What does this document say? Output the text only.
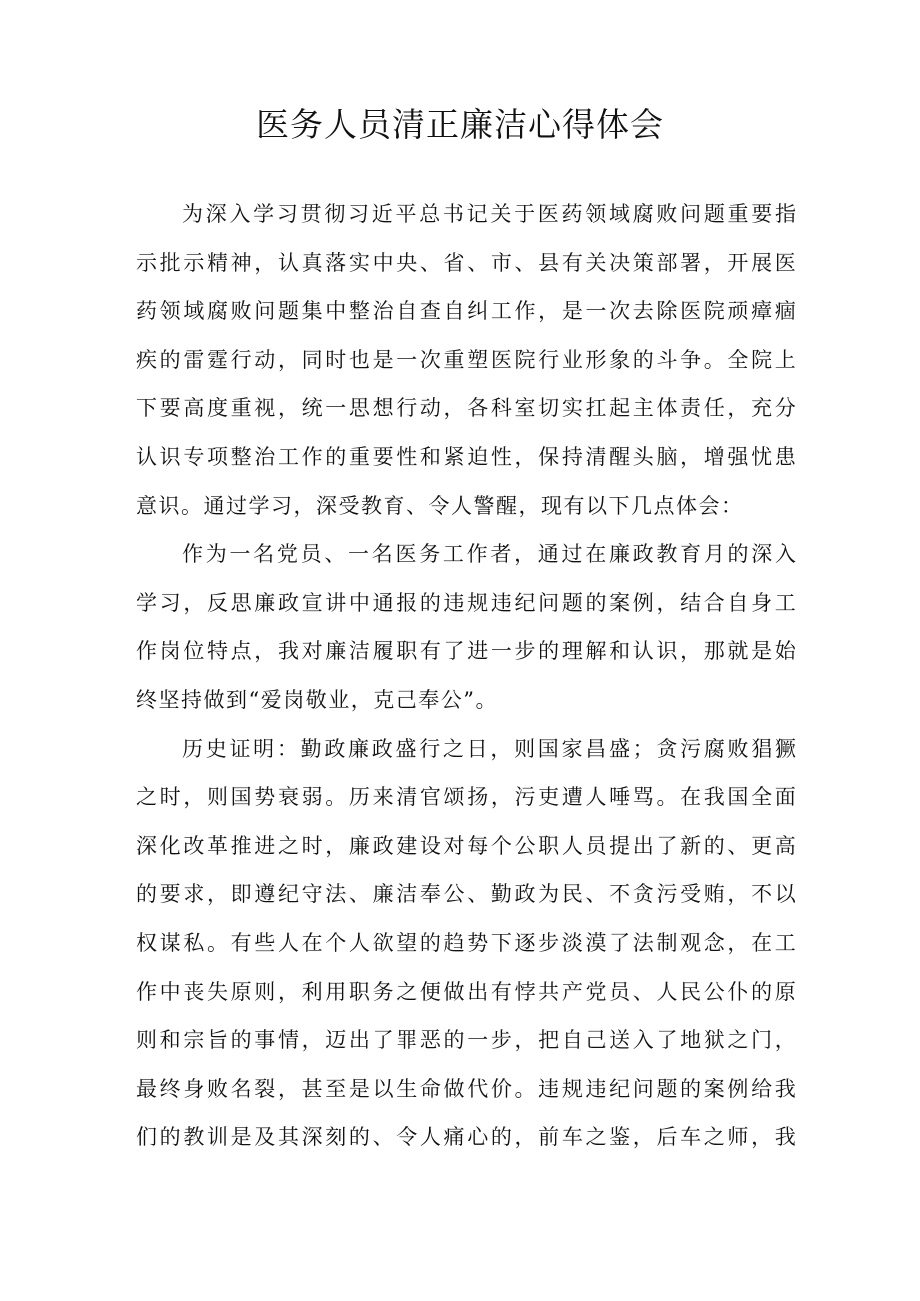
医务人员清正廉洁心得体会
为 深 入 学 习 贯 彻 习 近 平 总 书 记 关 于 医 药 领 域 腐 败 问 题 重 要 指
示 批 示 精 神 ， 认 真 落 实 中 央 、 省 、 市 、 县 有 关 决 策 部 署 ， 开 展 医
药 领 域 腐 败 问 题 集 中 整 治 自 查 自 纠 工 作 ， 是 一 次 去 除 医 院 顽 瘴 痼
疾 的 雷 霆 行 动 ， 同 时 也 是 一 次 重 塑 医 院 行 业 形 象 的 斗 争 。 全 院 上
下 要 高 度 重 视 ， 统 一 思 想 行 动 ， 各 科 室 切 实 扛 起 主 体 责 任 ， 充 分
认 识 专 项 整 治 工 作 的 重 要 性 和 紧 迫 性 ， 保 持 清 醒 头 脑 ， 增 强 忧 患
意识。通过学习，深受教育、令人警醒，现有以下几点体会：
作 为 一 名 党 员 、 一 名 医 务 工 作 者 ， 通 过 在 廉 政 教 育 月 的 深 入
学 习 ， 反 思 廉 政 宣 讲 中 通 报 的 违 规 违 纪 问 题 的 案 例 ， 结 合 自 身 工
作 岗 位 特 点 ， 我 对 廉 洁 履 职 有 了 进 一 步 的 理 解 和 认 识 ， 那 就 是 始
终坚持做到“爱岗敬业，克己奉公”。
历 史 证 明 ： 勤 政 廉 政 盛 行 之 日 ， 则 国 家 昌 盛 ； 贪 污 腐 败 猖 獗
之 时 ， 则 国 势 衰 弱 。 历 来 清 官 颂 扬 ， 污 吏 遭 人 唾 骂 。 在 我 国 全 面
深 化 改 革 推 进 之 时 ， 廉 政 建 设 对 每 个 公 职 人 员 提 出 了 新 的 、 更 高
的 要 求 ， 即 遵 纪 守 法 、 廉 洁 奉 公 、 勤 政 为 民 、 不 贪 污 受 贿 ， 不 以
权 谋 私 。 有 些 人 在 个 人 欲 望 的 趋 势 下 逐 步 淡 漠 了 法 制 观 念 ， 在 工
作 中 丧 失 原 则 ， 利 用 职 务 之 便 做 出 有 悖 共 产 党 员 、 人 民 公 仆 的 原
则 和 宗 旨 的 事 情 ， 迈 出 了 罪 恶 的 一 步 ， 把 自 己 送 入 了 地 狱 之 门 ，
最 终 身 败 名 裂 ， 甚 至 是 以 生 命 做 代 价 。 违 规 违 纪 问 题 的 案 例 给 我
们 的 教 训 是 及 其 深 刻 的 、 令 人 痛 心 的 ， 前 车 之 鉴 ， 后 车 之 师 ， 我
